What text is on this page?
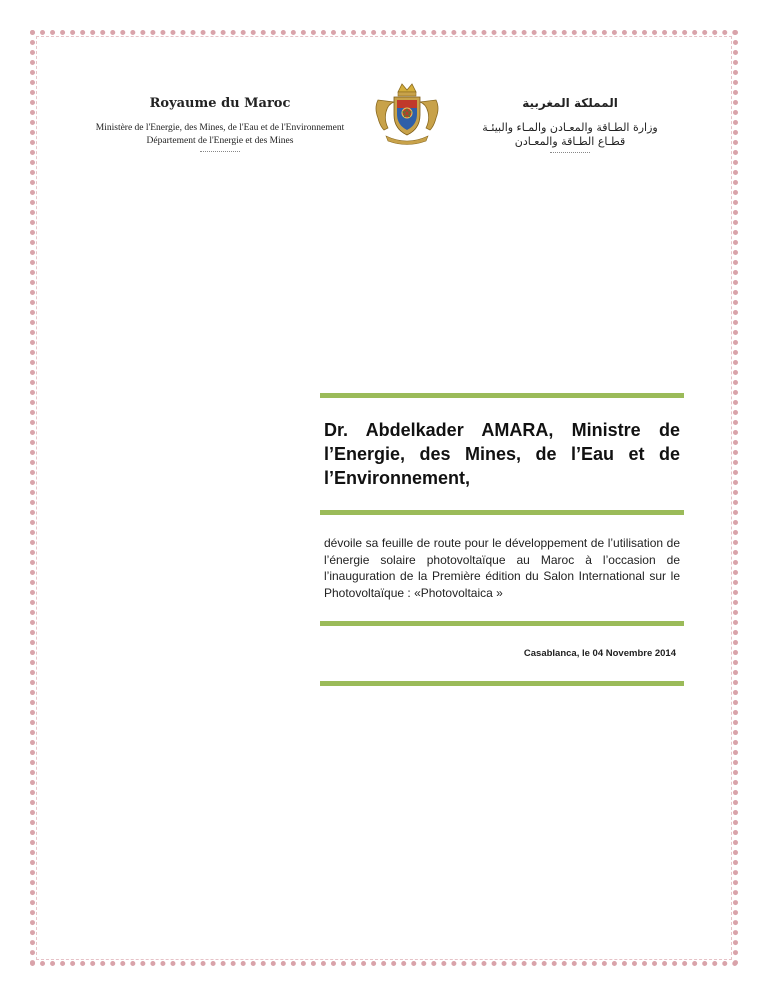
Royaume du Maroc
Ministère de l'Energie, des Mines, de l'Eau et de l'Environnement
Département de l'Energie et des Mines
المملكة المغربية
وزارة الطـاقة والمعـادن والمـاء والبيئـة
قطـاع الطـاقة والمعـادن
Dr. Abdelkader AMARA, Ministre de l’Energie, des Mines, de l’Eau et de l’Environnement,
dévoile sa feuille de route pour le développement de l’utilisation de l’énergie solaire photovoltaïque au Maroc à l’occasion de l’inauguration de la Première édition du Salon International sur le Photovoltaïque : «Photovoltaica »
Casablanca, le 04 Novembre 2014
